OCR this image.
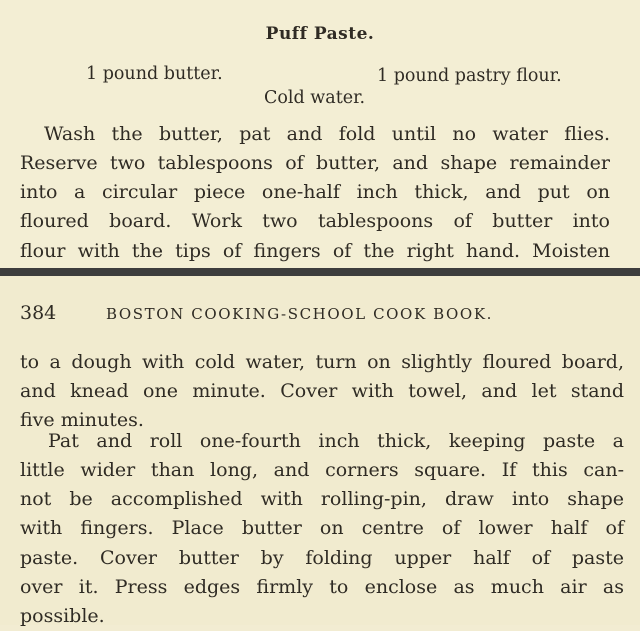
Puff Paste.
1 pound butter.	1 pound pastry flour.
Cold water.
Wash the butter, pat and fold until no water flies.
Reserve two tablespoons of butter, and shape remainder
into a circular piece one-half inch thick, and put on
floured board. Work two tablespoons of butter into
flour with the tips of fingers of the right hand. Moisten
384	BOSTON COOKING-SCHOOL COOK BOOK.
to a dough with cold water, turn on slightly floured board,
and knead one minute. Cover with towel, and let stand
five minutes.
Pat and roll one-fourth inch thick, keeping paste a
little wider than long, and corners square. If this can-
not be accomplished with rolling-pin, draw into shape
with fingers. Place butter on centre of lower half of
paste. Cover butter by folding upper half of paste
over it. Press edges firmly to enclose as much air as
possible.
